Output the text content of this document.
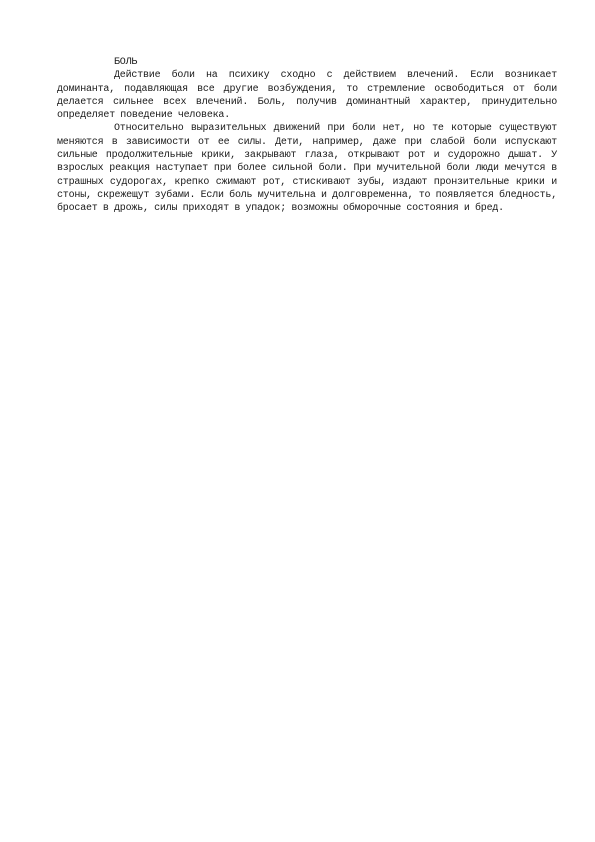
БОЛЬ

Действие боли на психику сходно с действием влечений. Если возникает доминанта, подавляющая все другие возбуждения, то стремление освободиться от боли делается сильнее всех влечений. Боль, получив доминантный характер, принудительно определяет поведение человека.

Относительно выразительных движений при боли нет, но те которые существуют меняются в зависимости от ее силы. Дети, например, даже при слабой боли испускают сильные продолжительные крики, закрывают глаза, открывают рот и судорожно дышат. У взрослых реакция наступает при более сильной боли. При мучительной боли люди мечутся в страшных судорогах, крепко сжимают рот, стискивают зубы, издают пронзительные крики и стоны, скрежещут зубами. Если боль мучительна и долговременна, то появляется бледность, бросает в дрожь, силы приходят в упадок; возможны обморочные состояния и бред.
